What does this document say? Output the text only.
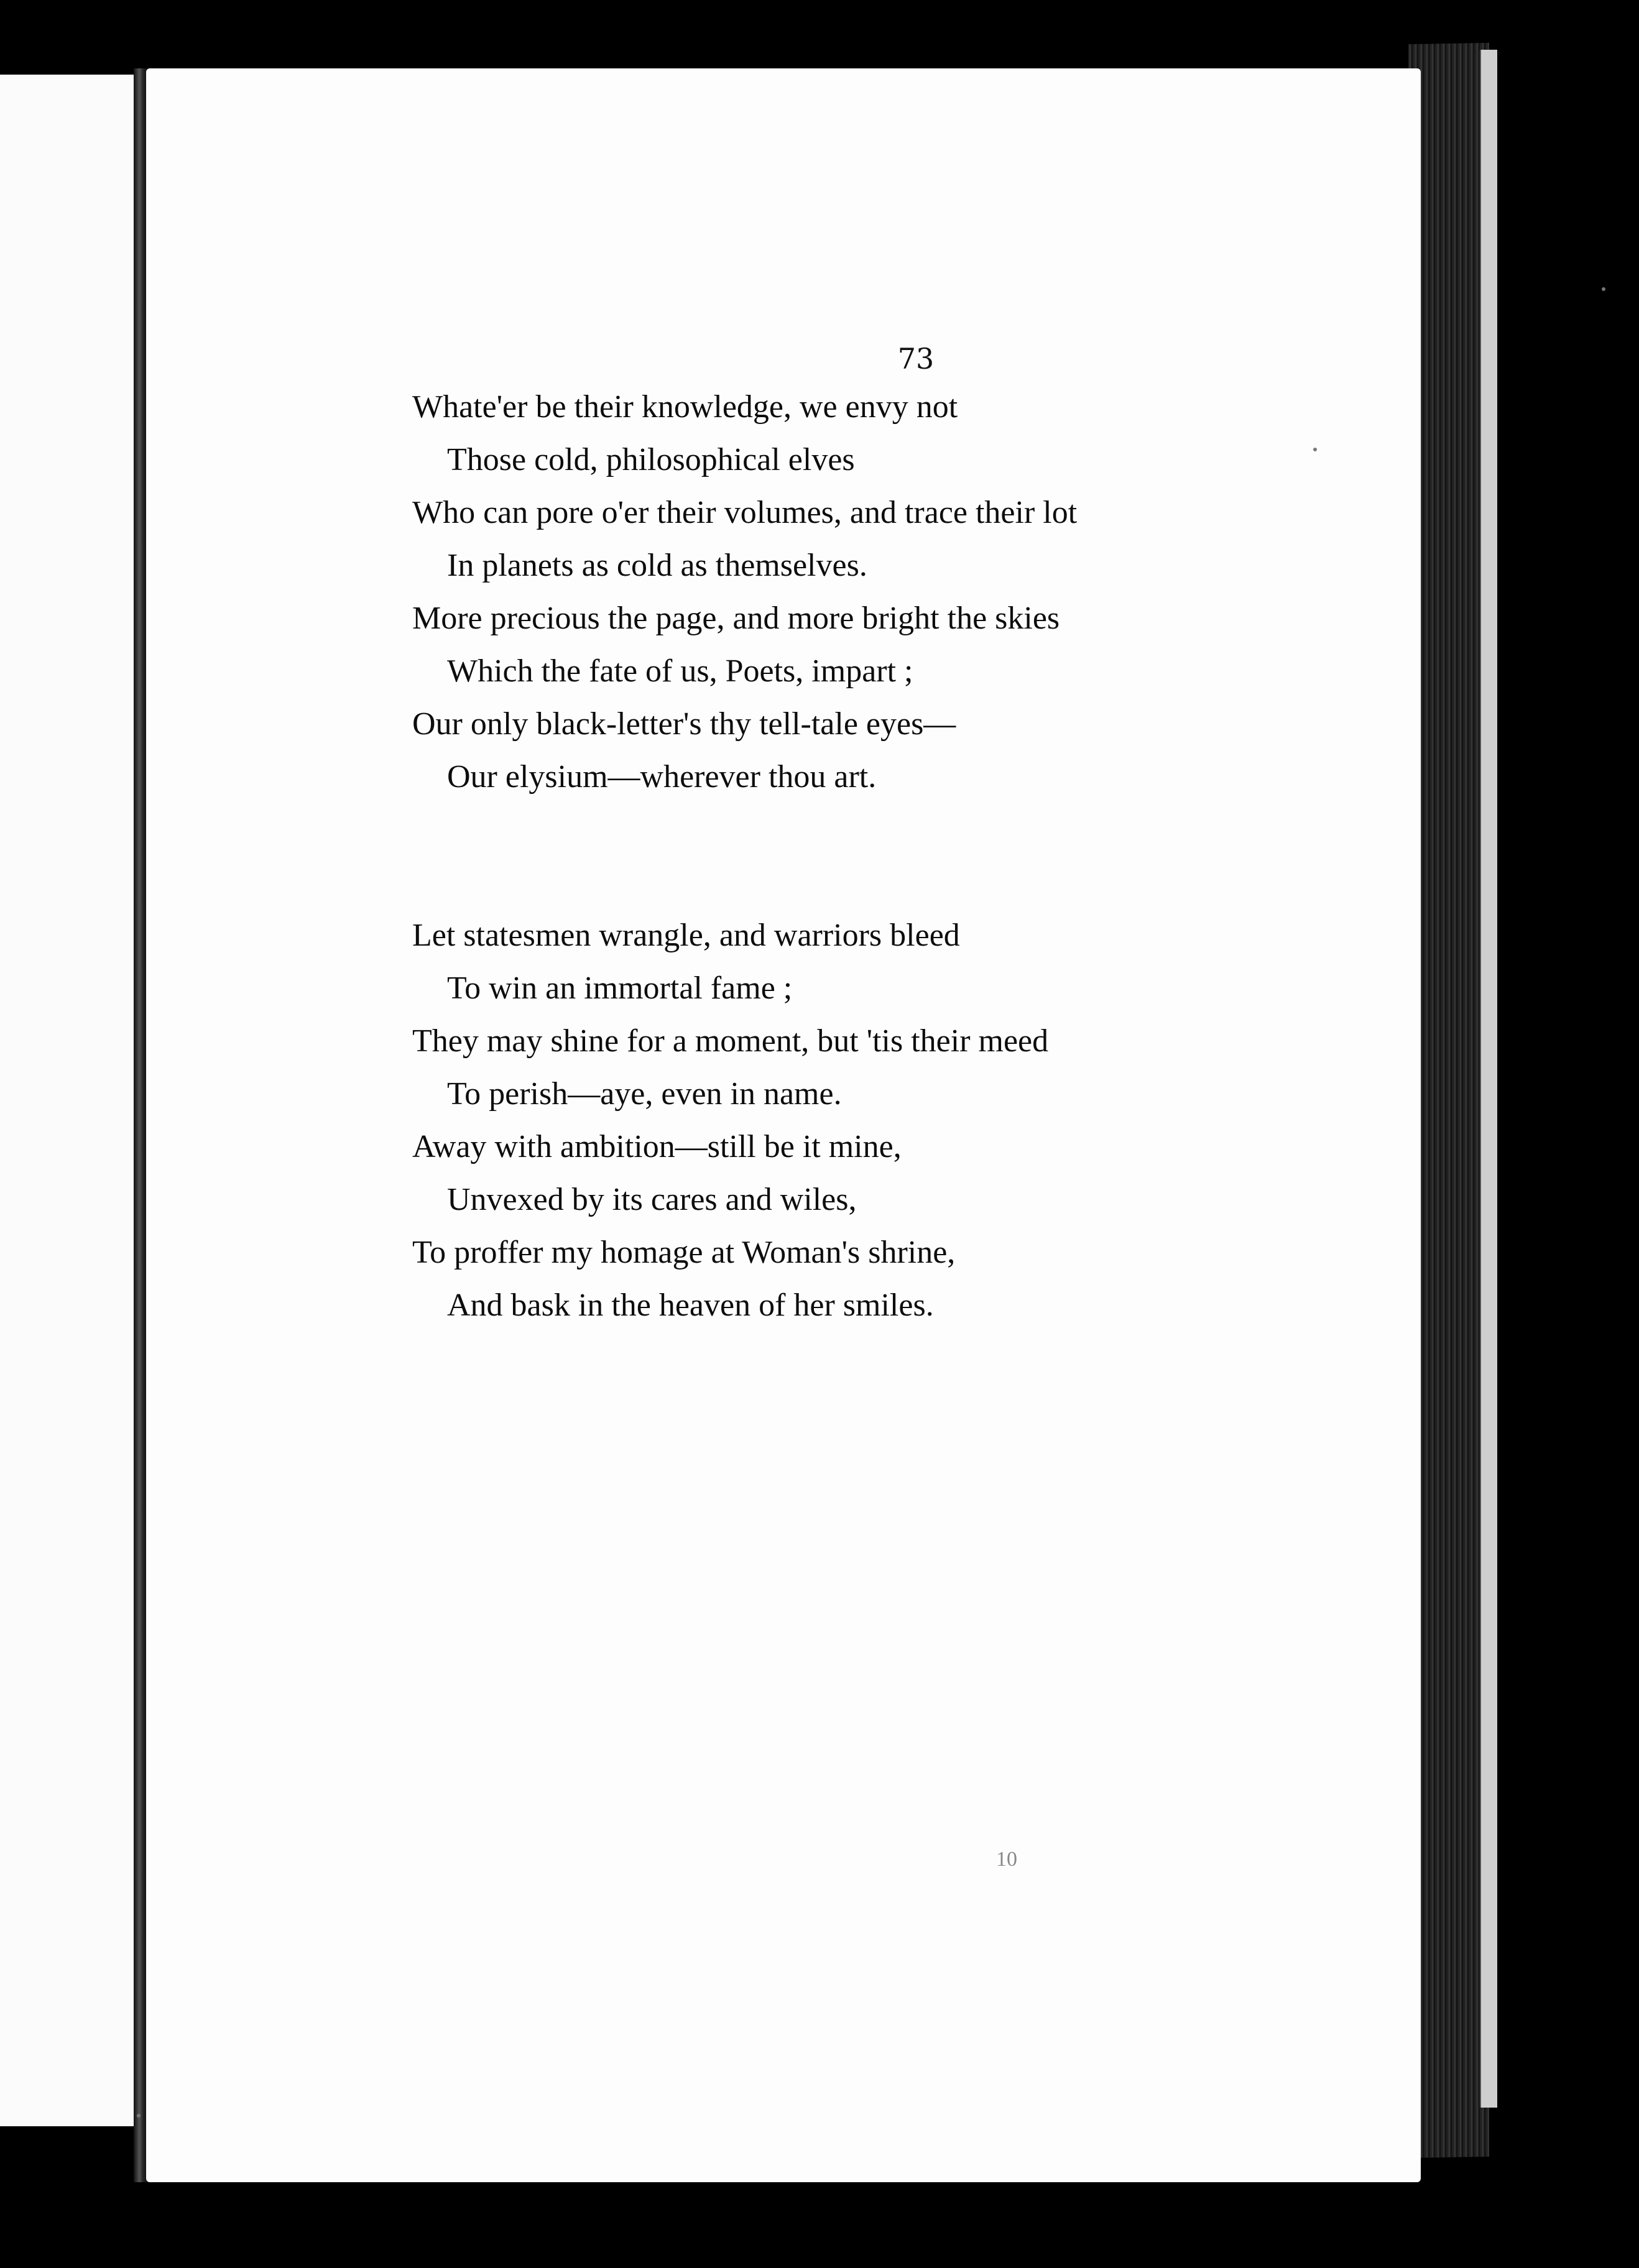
73
Whate'er be their knowledge, we envy not
Those cold, philosophical elves
Who can pore o'er their volumes, and trace their lot
In planets as cold as themselves.
More precious the page, and more bright the skies
Which the fate of us, Poets, impart ;
Our only black-letter's thy tell-tale eyes—
Our elysium—wherever thou art.
Let statesmen wrangle, and warriors bleed
To win an immortal fame ;
They may shine for a moment, but 'tis their meed
To perish—aye, even in name.
Away with ambition—still be it mine,
Unvexed by its cares and wiles,
To proffer my homage at Woman's shrine,
And bask in the heaven of her smiles.
10
